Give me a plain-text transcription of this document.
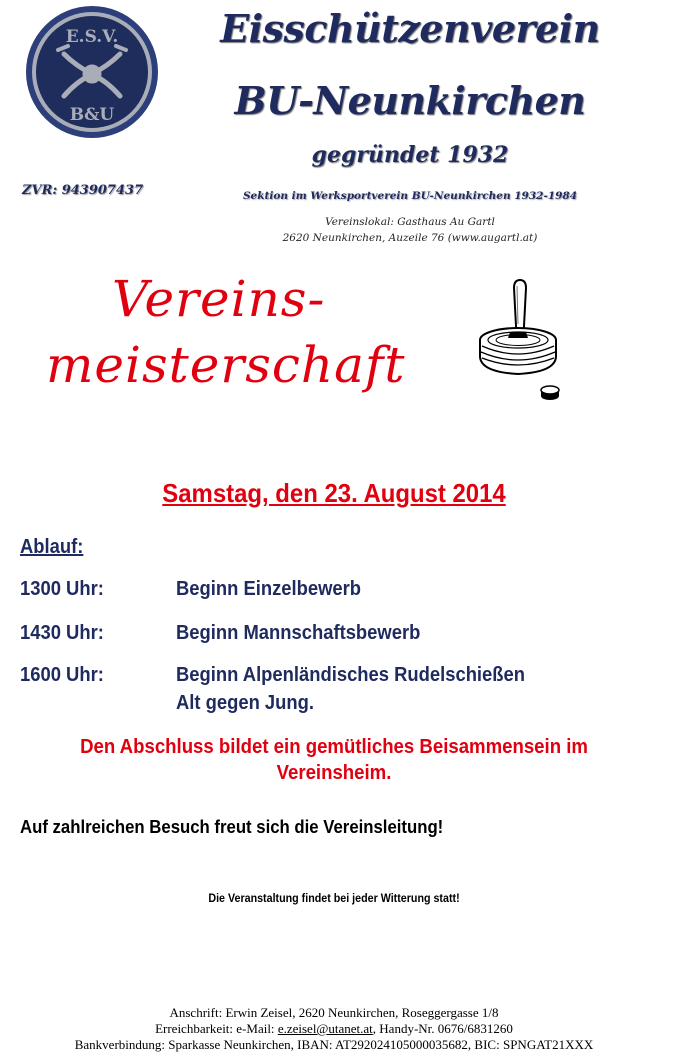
E.S.V.
B&U
Eisschützenverein
BU-Neunkirchen
gegründet 1932
ZVR: 943907437	Sektion im Werksportverein BU-Neunkirchen 1932-1984
Vereinslokal: Gasthaus Au Gartl
2620 Neunkirchen, Auzeile 76 (www.augartl.at)
Vereins-
meisterschaft
Samstag, den 23. August 2014
Ablauf:
1300 Uhr:	Beginn Einzelbewerb
1430 Uhr:	Beginn Mannschaftsbewerb
1600 Uhr:	Beginn Alpenländisches Rudelschießen
Alt gegen Jung.
Den Abschluss bildet ein gemütliches Beisammensein im
Vereinsheim.
Auf zahlreichen Besuch freut sich die Vereinsleitung!
Die Veranstaltung findet bei jeder Witterung statt!
Anschrift: Erwin Zeisel, 2620 Neunkirchen, Roseggergasse 1/8
Erreichbarkeit: e-Mail: e.zeisel@utanet.at, Handy-Nr. 0676/6831260
Bankverbindung: Sparkasse Neunkirchen, IBAN: AT292024105000035682, BIC: SPNGAT21XXX
